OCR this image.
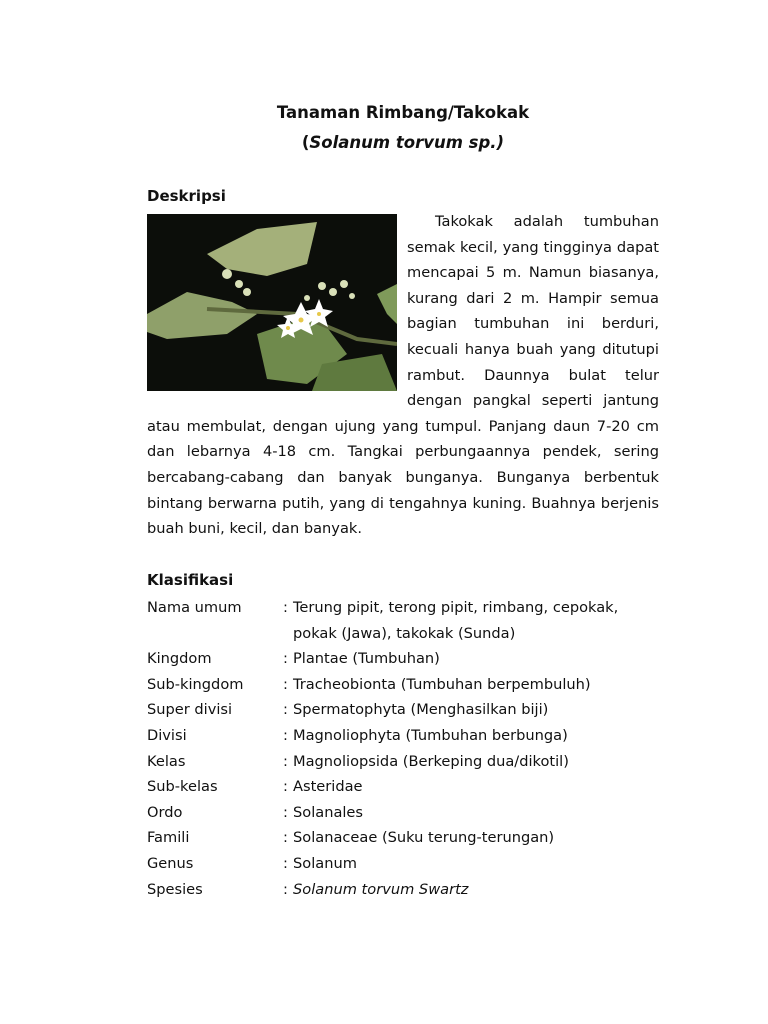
Tanaman Rimbang/Takokak
(Solanum torvum sp.)
Deskripsi
Takokak adalah tumbuhan semak kecil, yang tingginya dapat mencapai 5 m. Namun biasanya, kurang dari 2 m. Hampir semua bagian tumbuhan ini berduri, kecuali hanya buah yang ditutupi rambut. Daunnya bulat telur dengan pangkal seperti jantung atau membulat, dengan ujung yang tumpul. Panjang daun 7-20 cm dan lebarnya 4-18 cm. Tangkai perbungaannya pendek, sering bercabang-cabang dan banyak bunganya. Bunganya berbentuk bintang berwarna putih, yang di tengahnya kuning. Buahnya berjenis buah buni, kecil, dan banyak.
Klasifikasi
Nama umum	: Terung pipit, terong pipit, rimbang, cepokak,
pokak (Jawa), takokak (Sunda)
Kingdom	: Plantae (Tumbuhan)
Sub-kingdom	: Tracheobionta (Tumbuhan berpembuluh)
Super divisi	: Spermatophyta (Menghasilkan biji)
Divisi	: Magnoliophyta (Tumbuhan berbunga)
Kelas	: Magnoliopsida (Berkeping dua/dikotil)
Sub-kelas	: Asteridae
Ordo	: Solanales
Famili	: Solanaceae (Suku terung-terungan)
Genus	: Solanum
Spesies	: Solanum torvum Swartz
